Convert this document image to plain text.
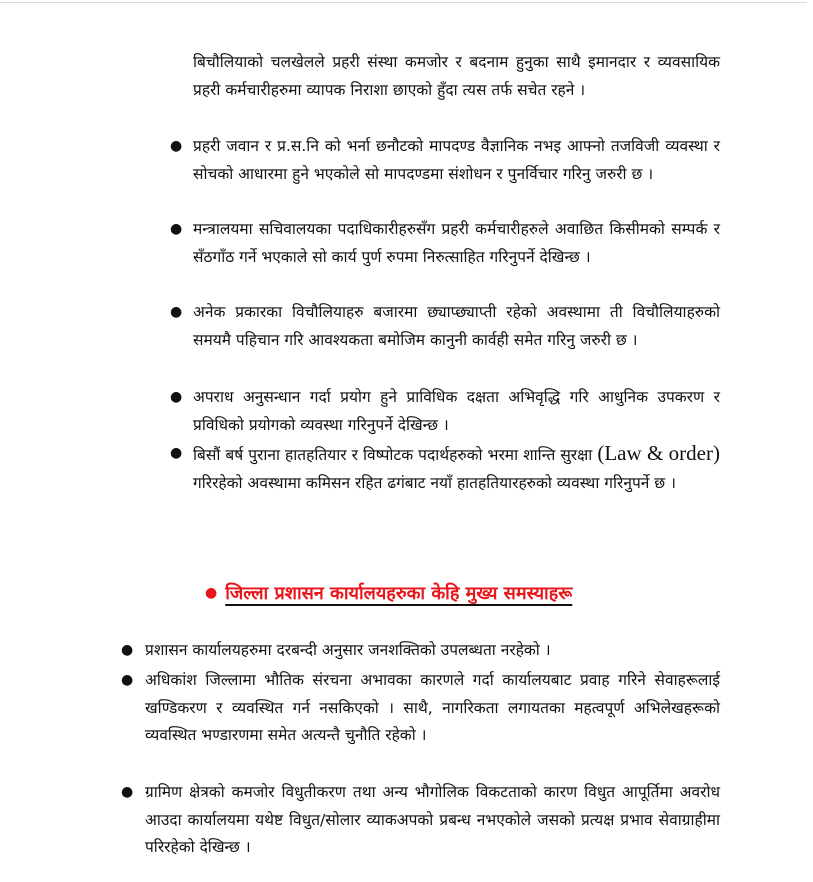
बिचौलियाको चलखेलले प्रहरी संस्था कमजोर र बदनाम हुनुका साथै इमानदार र व्यवसायिक प्रहरी कर्मचारीहरुमा व्यापक निराशा छाएको हुँदा त्यस तर्फ सचेत रहने ।

● प्रहरी जवान र प्र.स.नि को भर्ना छनौटको मापदण्ड वैज्ञानिक नभइ आफ्नो तजविजी व्यवस्था र सोचको आधारमा हुने भएकोले सो मापदण्डमा संशोधन र पुनर्विचार गरिनु जरुरी छ ।

● मन्त्रालयमा सचिवालयका पदाधिकारीहरुसँग प्रहरी कर्मचारीहरुले अवाछित किसीमको सम्पर्क र सँठगाँठ गर्ने भएकाले सो कार्य पुर्ण रुपमा निरुत्साहित गरिनुपर्ने देखिन्छ ।

● अनेक प्रकारका विचौलियाहरु बजारमा छ्याप्छ्याप्ती रहेको अवस्थामा ती विचौलियाहरुको समयमै पहिचान गरि आवश्यकता बमोजिम कानुनी कार्वही समेत गरिनु जरुरी छ ।

● अपराध अनुसन्धान गर्दा प्रयोग हुने प्राविधिक दक्षता अभिवृद्धि गरि आधुनिक उपकरण र प्रविधिको प्रयोगको व्यवस्था गरिनुपर्ने देखिन्छ ।

● बिसौं बर्ष पुराना हातहतियार र विष्पोटक पदार्थहरुको भरमा शान्ति सुरक्षा (Law & order) गरिरहेको अवस्थामा कमिसन रहित ढगंबाट नयाँ हातहतियारहरुको व्यवस्था गरिनुपर्ने छ ।

● जिल्ला प्रशासन कार्यालयहरुका केहि मुख्य समस्याहरू
● प्रशासन कार्यालयहरुमा दरबन्दी अनुसार जनशक्तिको उपलब्धता नरहेको ।

● अधिकांश जिल्लामा भौतिक संरचना अभावका कारणले गर्दा कार्यालयबाट प्रवाह गरिने सेवाहरूलाई खण्डिकरण र व्यवस्थित गर्न नसकिएको । साथै, नागरिकता लगायतका महत्वपूर्ण अभिलेखहरूको व्यवस्थित भण्डारणमा समेत अत्यन्तै चुनौति रहेको ।

● ग्रामिण क्षेत्रको कमजोर विधुतीकरण तथा अन्य भौगोलिक विकटताको कारण विधुत आपूर्तिमा अवरोध आउदा कार्यालयमा यथेष्ट विधुत/सोलार व्याकअपको प्रबन्ध नभएकोले जसको प्रत्यक्ष प्रभाव सेवाग्राहीमा परिरहेको देखिन्छ ।
